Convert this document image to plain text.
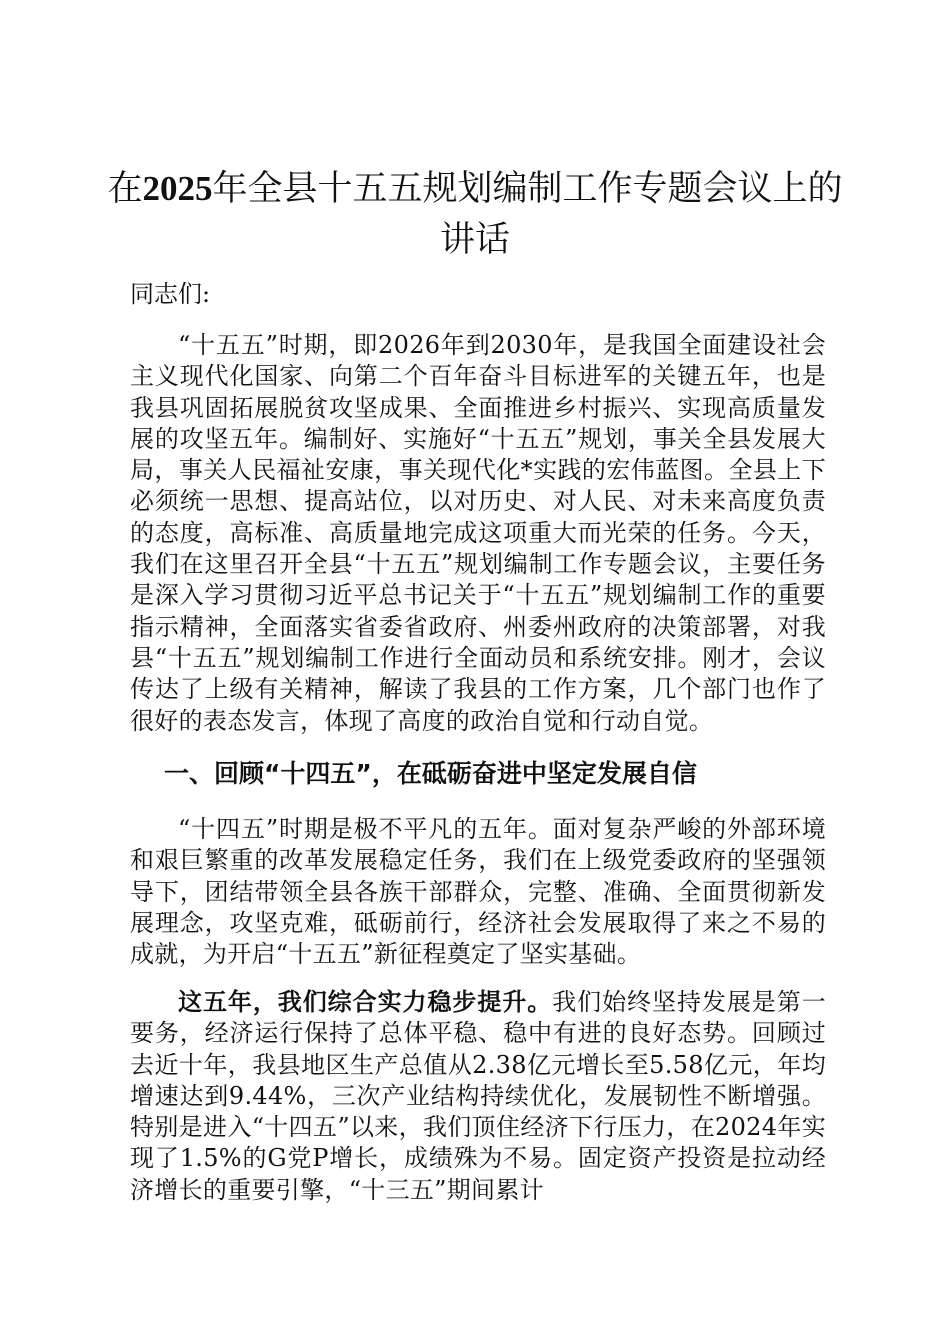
在2025年全县十五五规划编制工作专题会议上的讲话

同志们:

“十五五”时期，即2026年到2030年，是我国全面建设社会主义现代化国家、向第二个百年奋斗目标进军的关键五年，也是我县巩固拓展脱贫攻坚成果、全面推进乡村振兴、实现高质量发展的攻坚五年。编制好、实施好“十五五”规划，事关全县发展大局，事关人民福祉安康，事关现代化*实践的宏伟蓝图。全县上下必须统一思想、提高站位，以对历史、对人民、对未来高度负责的态度，高标准、高质量地完成这项重大而光荣的任务。今天，我们在这里召开全县“十五五”规划编制工作专题会议，主要任务是深入学习贯彻习近平总书记关于“十五五”规划编制工作的重要指示精神，全面落实省委省政府、州委州政府的决策部署，对我县“十五五”规划编制工作进行全面动员和系统安排。刚才，会议传达了上级有关精神，解读了我县的工作方案，几个部门也作了很好的表态发言，体现了高度的政治自觉和行动自觉。

一、回顾“十四五”，在砥砺奋进中坚定发展自信

“十四五”时期是极不平凡的五年。面对复杂严峻的外部环境和艰巨繁重的改革发展稳定任务，我们在上级党委政府的坚强领导下，团结带领全县各族干部群众，完整、准确、全面贯彻新发展理念，攻坚克难，砥砺前行，经济社会发展取得了来之不易的成就，为开启“十五五”新征程奠定了坚实基础。

这五年，我们综合实力稳步提升。我们始终坚持发展是第一要务，经济运行保持了总体平稳、稳中有进的良好态势。回顾过去近十年，我县地区生产总值从2.38亿元增长至5.58亿元，年均增速达到9.44%，三次产业结构持续优化，发展韧性不断增强。特别是进入“十四五”以来，我们顶住经济下行压力，在2024年实现了1.5%的G党P增长，成绩殊为不易。固定资产投资是拉动经济增长的重要引擎，“十三五”期间累计
